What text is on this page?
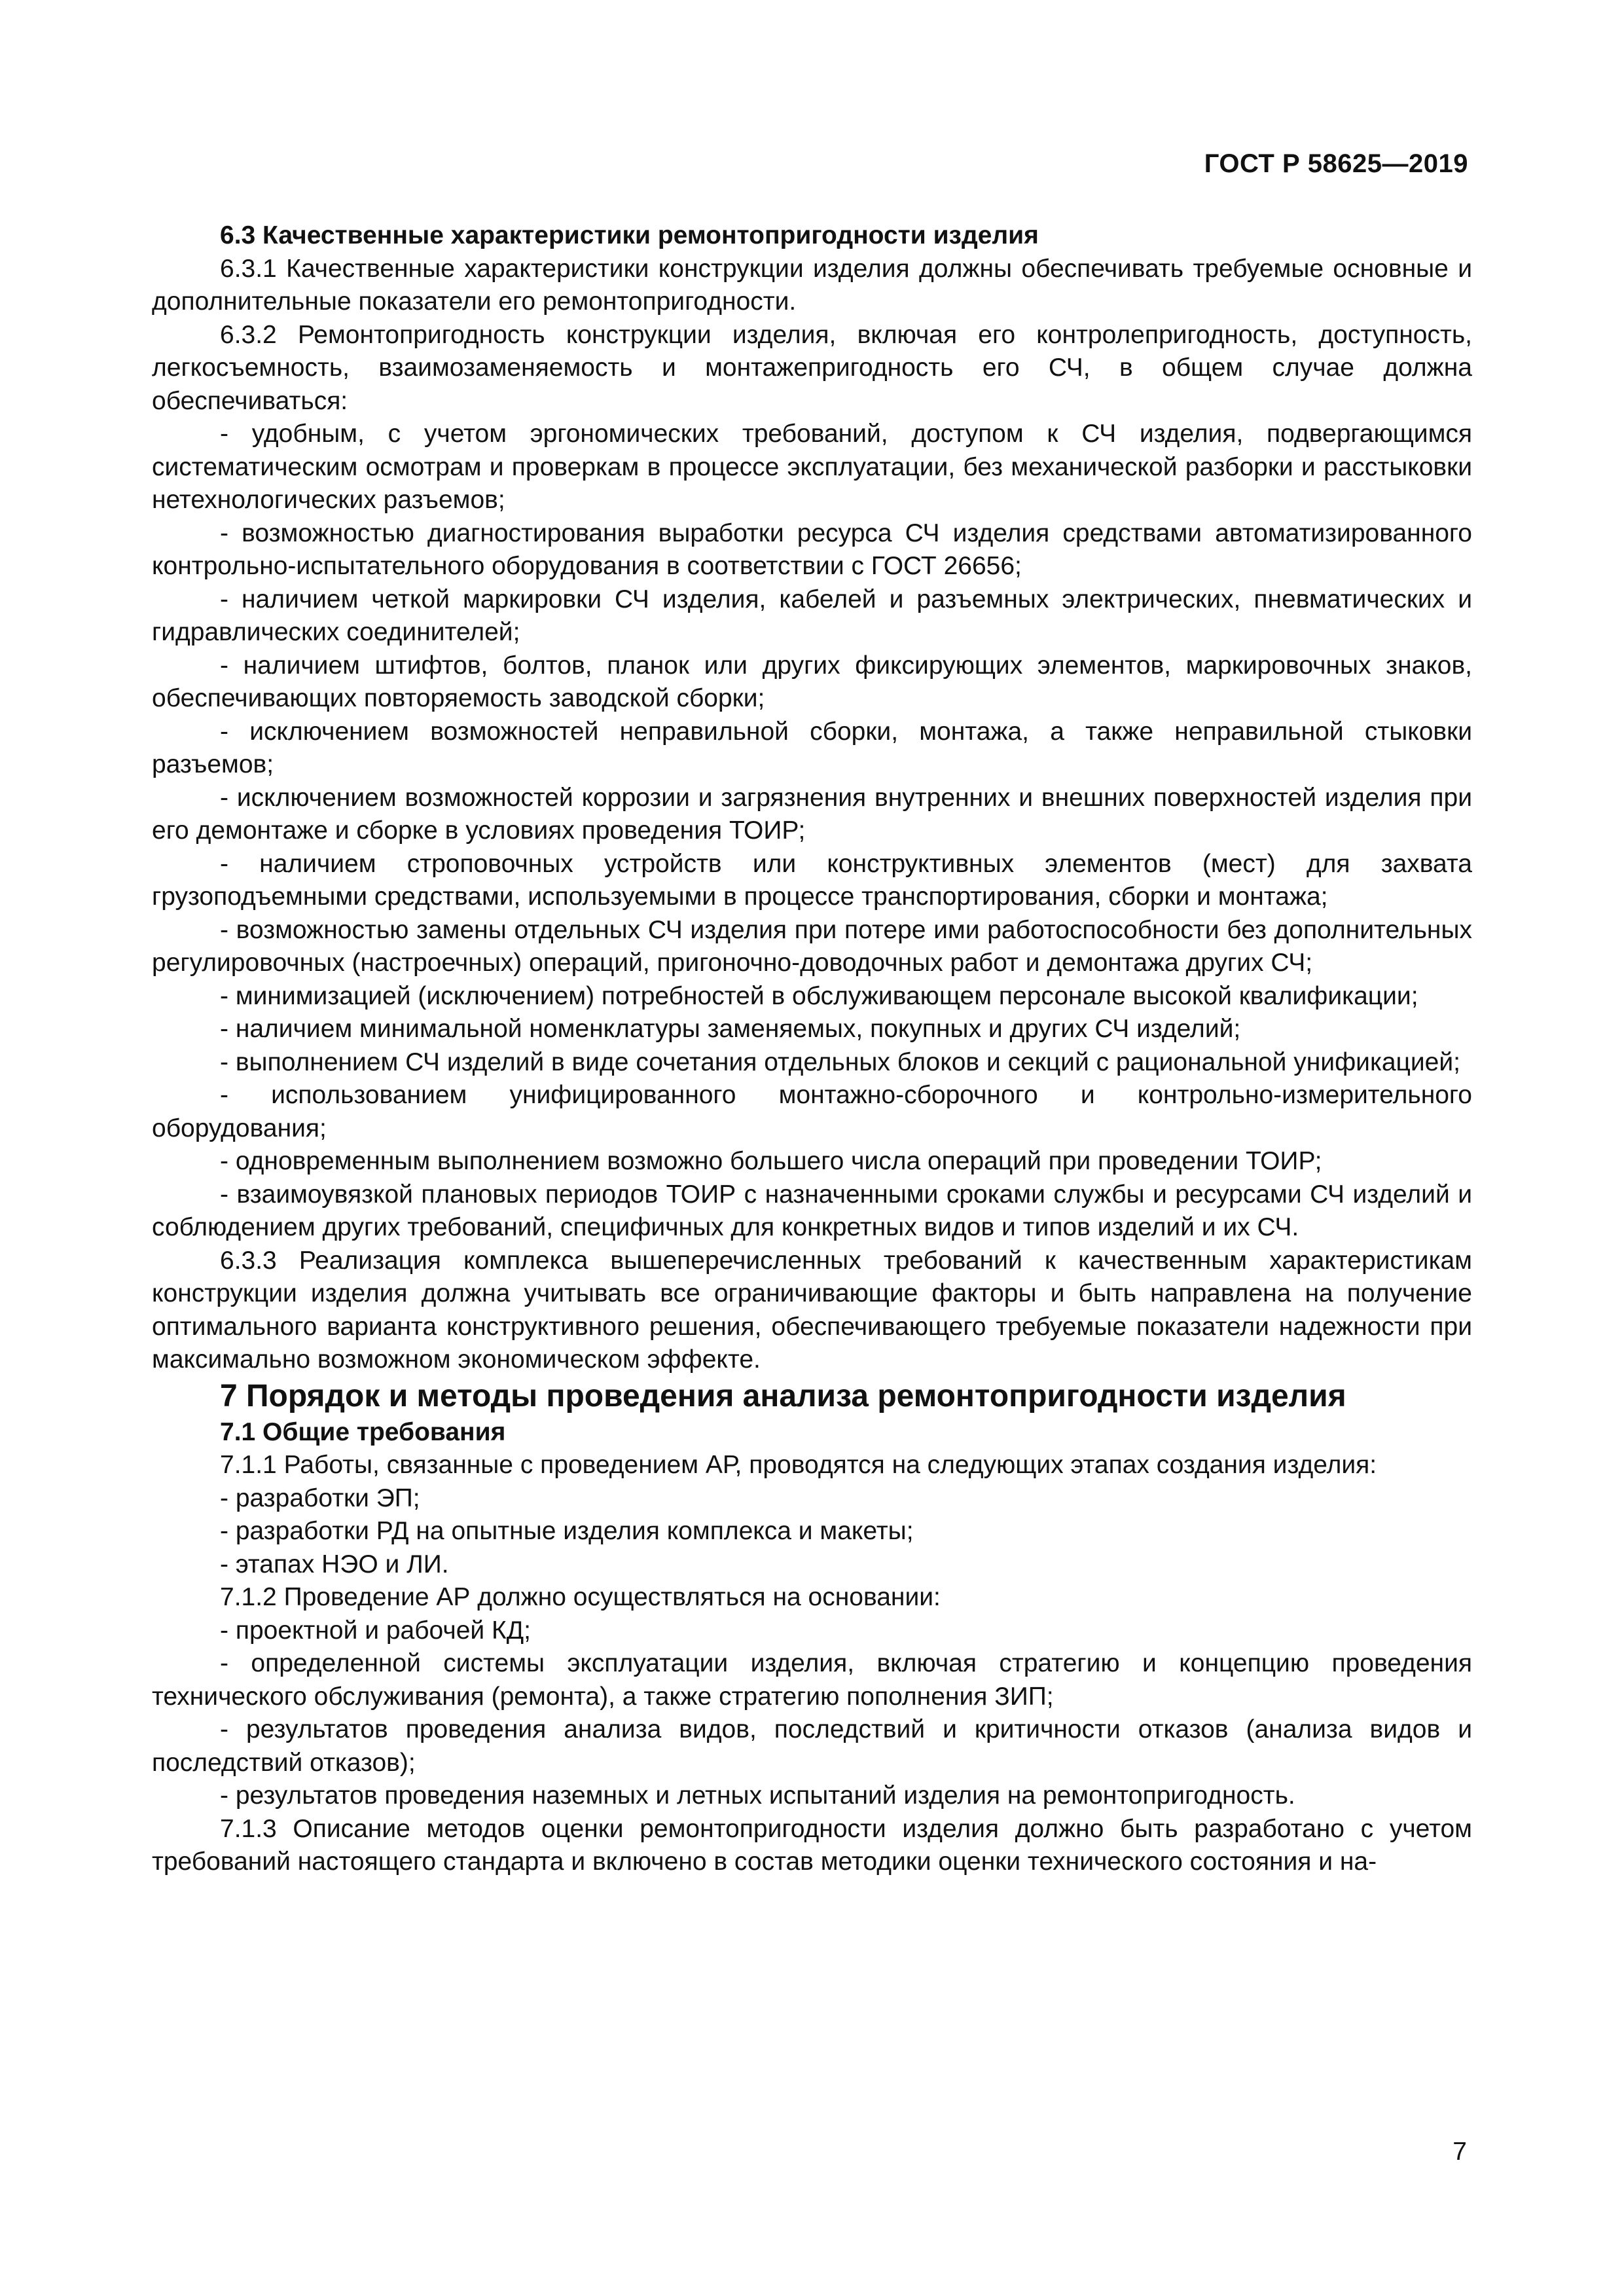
ГОСТ Р 58625—2019

6.3 Качественные характеристики ремонтопригодности изделия

6.3.1 Качественные характеристики конструкции изделия должны обеспечивать требуемые основные и дополнительные показатели его ремонтопригодности.

6.3.2 Ремонтопригодность конструкции изделия, включая его контролепригодность, доступность, легкосъемность, взаимозаменяемость и монтажепригодность его СЧ, в общем случае должна обеспечиваться:

- удобным, с учетом эргономических требований, доступом к СЧ изделия, подвергающимся систематическим осмотрам и проверкам в процессе эксплуатации, без механической разборки и расстыковки нетехнологических разъемов;

- возможностью диагностирования выработки ресурса СЧ изделия средствами автоматизированного контрольно-испытательного оборудования в соответствии с ГОСТ 26656;

- наличием четкой маркировки СЧ изделия, кабелей и разъемных электрических, пневматических и гидравлических соединителей;

- наличием штифтов, болтов, планок или других фиксирующих элементов, маркировочных знаков, обеспечивающих повторяемость заводской сборки;

- исключением возможностей неправильной сборки, монтажа, а также неправильной стыковки разъемов;

- исключением возможностей коррозии и загрязнения внутренних и внешних поверхностей изделия при его демонтаже и сборке в условиях проведения ТОИР;

- наличием строповочных устройств или конструктивных элементов (мест) для захвата грузоподъемными средствами, используемыми в процессе транспортирования, сборки и монтажа;

- возможностью замены отдельных СЧ изделия при потере ими работоспособности без дополнительных регулировочных (настроечных) операций, пригоночно-доводочных работ и демонтажа других СЧ;

- минимизацией (исключением) потребностей в обслуживающем персонале высокой квалификации;

- наличием минимальной номенклатуры заменяемых, покупных и других СЧ изделий;

- выполнением СЧ изделий в виде сочетания отдельных блоков и секций с рациональной унификацией;

- использованием унифицированного монтажно-сборочного и контрольно-измерительного оборудования;

- одновременным выполнением возможно большего числа операций при проведении ТОИР;

- взаимоувязкой плановых периодов ТОИР с назначенными сроками службы и ресурсами СЧ изделий и соблюдением других требований, специфичных для конкретных видов и типов изделий и их СЧ.

6.3.3 Реализация комплекса вышеперечисленных требований к качественным характеристикам конструкции изделия должна учитывать все ограничивающие факторы и быть направлена на получение оптимального варианта конструктивного решения, обеспечивающего требуемые показатели надежности при максимально возможном экономическом эффекте.

7 Порядок и методы проведения анализа ремонтопригодности изделия

7.1 Общие требования

7.1.1 Работы, связанные с проведением АР, проводятся на следующих этапах создания изделия:

- разработки ЭП;

- разработки РД на опытные изделия комплекса и макеты;

- этапах НЭО и ЛИ.

7.1.2 Проведение АР должно осуществляться на основании:

- проектной и рабочей КД;

- определенной системы эксплуатации изделия, включая стратегию и концепцию проведения технического обслуживания (ремонта), а также стратегию пополнения ЗИП;

- результатов проведения анализа видов, последствий и критичности отказов (анализа видов и последствий отказов);

- результатов проведения наземных и летных испытаний изделия на ремонтопригодность.

7.1.3 Описание методов оценки ремонтопригодности изделия должно быть разработано с учетом требований настоящего стандарта и включено в состав методики оценки технического состояния и на-

7
